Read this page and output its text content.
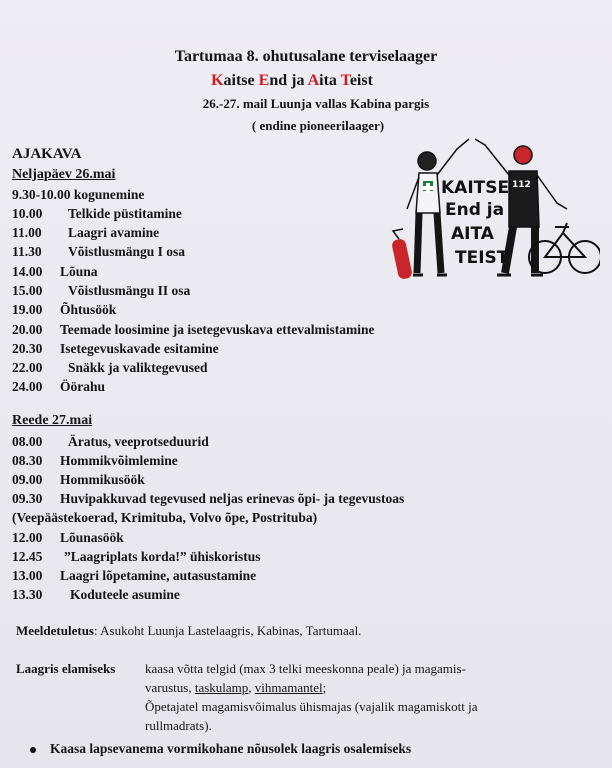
Tartumaa 8. ohutusalane terviselaager
Kaitse End ja Aita Teist
26.-27. mail Luunja vallas Kabina pargis
( endine pioneerilaager)
112
KAITSE
End ja
AITA
TEIST
AJAKAVA
Neljapäev 26.mai
9.30-10.00 kogunemine
10.00 Telkide püstitamine
11.00 Laagri avamine
11.30 Võistlusmängu I osa
14.00 Lõuna
15.00 Võistlusmängu II osa
19.00 Õhtusöök
20.00 Teemade loosimine ja isetegevuskava ettevalmistamine
20.30 Isetegevuskavade esitamine
22.00 Snäkk ja valiktegevused
24.00 Öörahu
Reede 27.mai
08.00 Äratus, veeprotseduurid
08.30 Hommikvõimlemine
09.00 Hommikusöök
09.30 Huvipakkuvad tegevused neljas erinevas õpi- ja tegevustoas
(Veepäästekoerad, Krimituba, Volvo õpe, Postrituba)
12.00 Lõunasöök
12.45 ”Laagriplats korda!” ühiskoristus
13.00 Laagri lõpetamine, autasustamine
13.30 Koduteele asumine
Meeldetuletus: Asukoht Luunja Lastelaagris, Kabinas, Tartumaal.
Laagris elamiseks kaasa võtta telgid (max 3 telki meeskonna peale) ja magamis-
varustus, taskulamp, vihmamantel;
Õpetajatel magamisvõimalus ühismajas (vajalik magamiskott ja
rullmadrats).
Kaasa lapsevanema vormikohane nõusolek laagris osalemiseks
